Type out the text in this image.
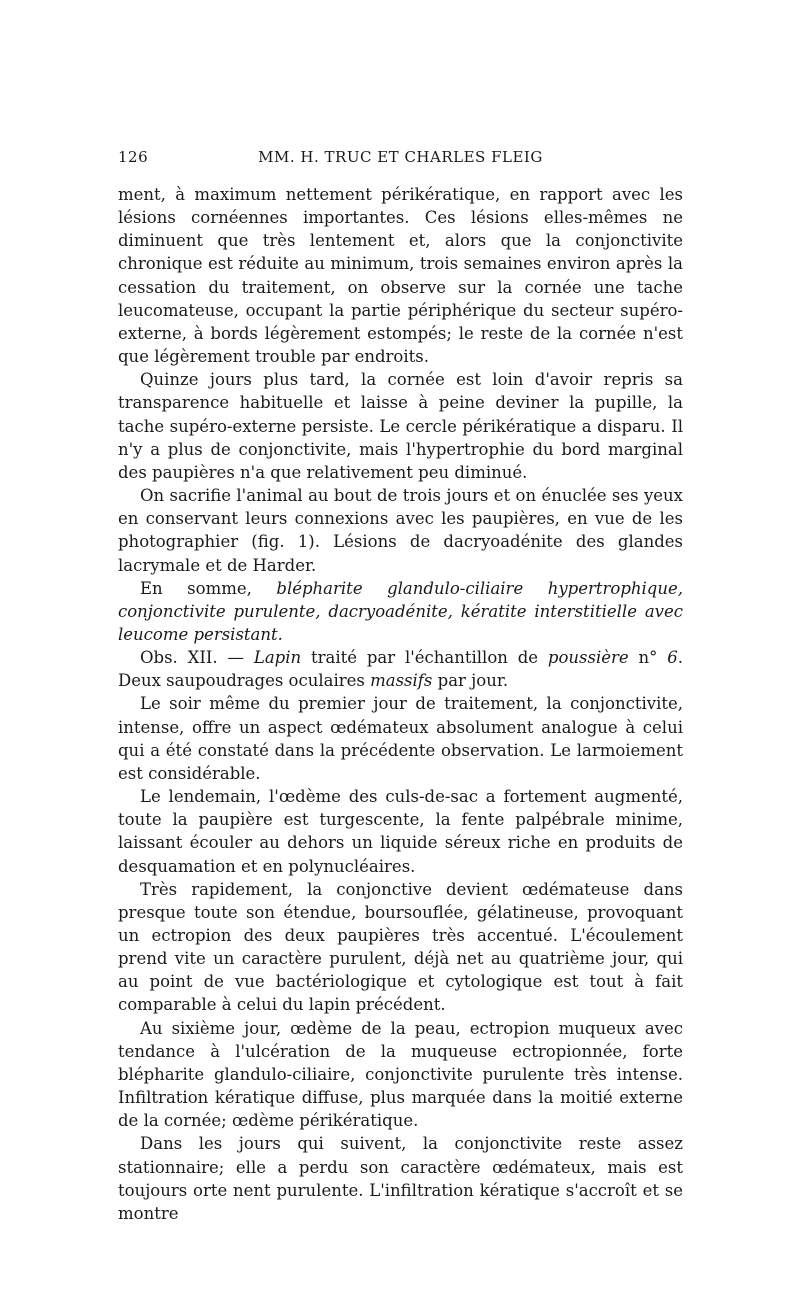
126	MM. H. TRUC ET CHARLES FLEIG

ment, à maximum nettement périkératique, en rapport avec les lésions cornéennes importantes. Ces lésions elles-mêmes ne diminuent que très lentement et, alors que la conjonctivite chronique est réduite au minimum, trois semaines environ après la cessation du traitement, on observe sur la cornée une tache leucomateuse, occupant la partie périphérique du secteur supéro-externe, à bords légèrement estompés; le reste de la cornée n'est que légèrement trouble par endroits.

Quinze jours plus tard, la cornée est loin d'avoir repris sa transparence habituelle et laisse à peine deviner la pupille, la tache supéro-externe persiste. Le cercle périkératique a disparu. Il n'y a plus de conjonctivite, mais l'hypertrophie du bord marginal des paupières n'a que relativement peu diminué.

On sacrifie l'animal au bout de trois jours et on énuclée ses yeux en conservant leurs connexions avec les paupières, en vue de les photographier (fig. 1). Lésions de dacryoadénite des glandes lacrymale et de Harder.

En somme, blépharite glandulo-ciliaire hypertrophique, conjonctivite purulente, dacryoadénite, kératite interstitielle avec leucome persistant.

Obs. XII. — Lapin traité par l'échantillon de poussière n° 6. Deux saupoudrages oculaires massifs par jour.

Le soir même du premier jour de traitement, la conjonctivite, intense, offre un aspect œdémateux absolument analogue à celui qui a été constaté dans la précédente observation. Le larmoiement est considérable.

Le lendemain, l'œdème des culs-de-sac a fortement augmenté, toute la paupière est turgescente, la fente palpébrale minime, laissant écouler au dehors un liquide séreux riche en produits de desquamation et en polynucléaires.

Très rapidement, la conjonctive devient œdémateuse dans presque toute son étendue, boursouflée, gélatineuse, provoquant un ectropion des deux paupières très accentué. L'écoulement prend vite un caractère purulent, déjà net au quatrième jour, qui au point de vue bactériologique et cytologique est tout à fait comparable à celui du lapin précédent.

Au sixième jour, œdème de la peau, ectropion muqueux avec tendance à l'ulcération de la muqueuse ectropionnée, forte blépharite glandulo-ciliaire, conjonctivite purulente très intense. Infiltration kératique diffuse, plus marquée dans la moitié externe de la cornée; œdème périkératique.

Dans les jours qui suivent, la conjonctivite reste assez stationnaire; elle a perdu son caractère œdémateux, mais est toujours orte nent purulente. L'infiltration kératique s'accroît et se montre
